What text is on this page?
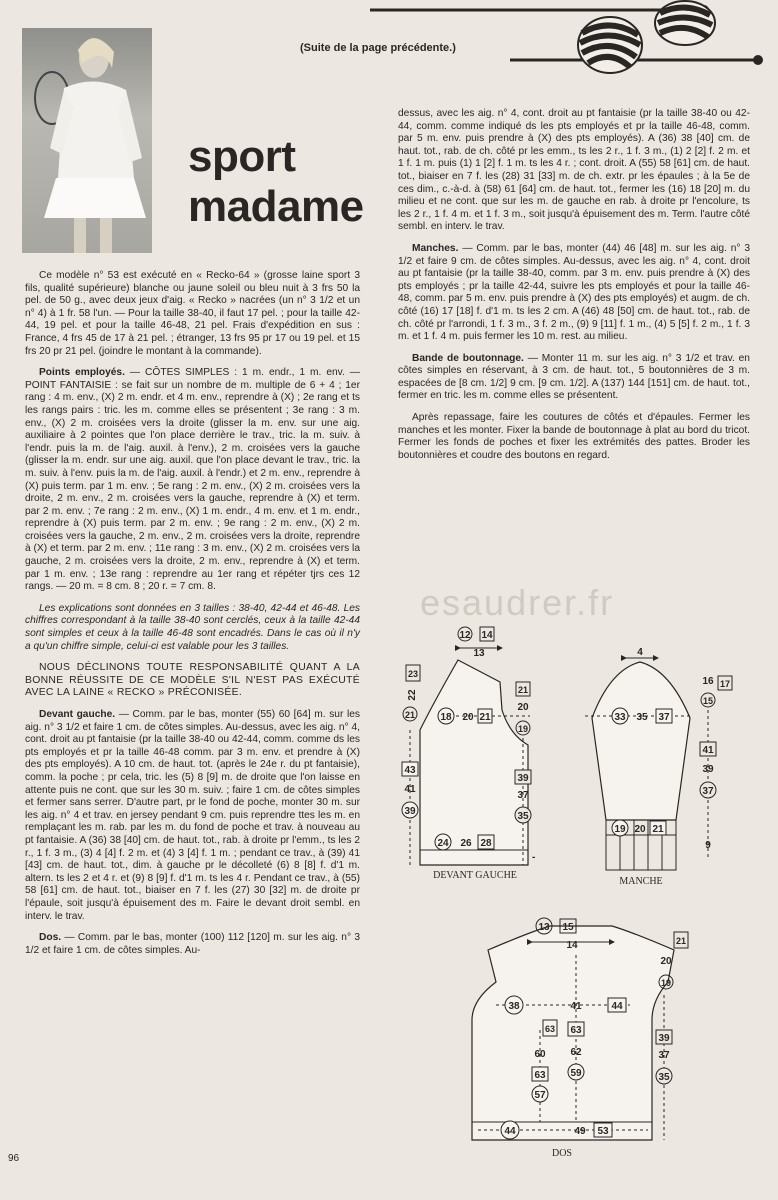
(Suite de la page précédente.)
sport
madame

Ce modèle n° 53 est exécuté en « Recko-64 » (grosse laine sport 3 fils, qualité supérieure) blanche ou jaune soleil ou bleu nuit à 3 frs 50 la pel. de 50 g., avec deux jeux d'aig. « Recko » nacrées (un n° 3 1/2 et un n° 4) à 1 fr. 58 l'un. — Pour la taille 38-40, il faut 17 pel. ; pour la taille 42-44, 19 pel. et pour la taille 46-48, 21 pel. Frais d'expédition en sus : France, 4 frs 45 de 17 à 21 pel. ; étranger, 13 frs 95 pr 17 ou 19 pel. et 15 frs 20 pr 21 pel. (joindre le montant à la commande).

Points employés. — CÔTES SIMPLES : 1 m. endr., 1 m. env. — POINT FANTAISIE : se fait sur un nombre de m. multiple de 6 + 4 ; 1er rang : 4 m. env., (X) 2 m. endr. et 4 m. env., reprendre à (X) ; 2e rang et ts les rangs pairs : tric. les m. comme elles se présentent ; 3e rang : 3 m. env., (X) 2 m. croisées vers la droite (glisser la m. env. sur une aig. auxiliaire à 2 pointes que l'on place derrière le trav., tric. la m. suiv. à l'endr. puis la m. de l'aig. auxil. à l'env.), 2 m. croisées vers la gauche (glisser la m. endr. sur une aig. auxil. que l'on place devant le trav., tric. la m. suiv. à l'env. puis la m. de l'aig. auxil. à l'endr.) et 2 m. env., reprendre à (X) puis term. par 1 m. env. ; 5e rang : 2 m. env., (X) 2 m. croisées vers la droite, 2 m. env., 2 m. croisées vers la gauche, reprendre à (X) et term. par 2 m. env. ; 7e rang : 2 m. env., (X) 1 m. endr., 4 m. env. et 1 m. endr., reprendre à (X) puis term. par 2 m. env. ; 9e rang : 2 m. env., (X) 2 m. croisées vers la gauche, 2 m. env., 2 m. croisées vers la droite, reprendre à (X) et term. par 2 m. env. ; 11e rang : 3 m. env., (X) 2 m. croisées vers la gauche, 2 m. croisées vers la droite, 2 m. env., reprendre à (X) et term. par 1 m. env. ; 13e rang : reprendre au 1er rang et répéter tjrs ces 12 rangs. — 20 m. = 8 cm. 8 ; 20 r. = 7 cm. 8.

Les explications sont données en 3 tailles : 38-40, 42-44 et 46-48. Les chiffres correspondant à la taille 38-40 sont cerclés, ceux à la taille 42-44 sont simples et ceux à la taille 46-48 sont encadrés. Dans le cas où il n'y a qu'un chiffre simple, celui-ci est valable pour les 3 tailles.

NOUS DÉCLINONS TOUTE RESPONSABILITÉ QUANT A LA BONNE RÉUSSITE DE CE MODÈLE S'IL N'EST PAS EXÉCUTÉ AVEC LA LAINE « RECKO » PRÉCONISÉE.

Devant gauche. — Comm. par le bas, monter (55) 60 [64] m. sur les aig. n° 3 1/2 et faire 1 cm. de côtes simples. Au-dessus, avec les aig. n° 4, cont. droit au pt fantaisie (pr la taille 38-40 ou 42-44, comm. comme ds les pts employés et pr la taille 46-48 comm. par 3 m. env. et prendre à (X) des pts employés). A 10 cm. de haut. tot. (après le 24e r. du pt fantaisie), comm. la poche ; pr cela, tric. les (5) 8 [9] m. de droite que l'on laisse en attente puis ne cont. que sur les 30 m. suiv. ; faire 1 cm. de côtes simples et fermer sans serrer. D'autre part, pr le fond de poche, monter 30 m. sur les aig. n° 4 et trav. en jersey pendant 9 cm. puis reprendre ttes les m. en remplaçant les m. rab. par les m. du fond de poche et trav. à nouveau au pt fantaisie. A (36) 38 [40] cm. de haut. tot., rab. à droite pr l'emm., ts les 2 r., 1 f. 3 m., (3) 4 [4] f. 2 m. et (4) 3 [4] f. 1 m. ; pendant ce trav., à (39) 41 [43] cm. de haut. tot., dim. à gauche pr le décolleté (6) 8 [8] f. d'1 m. altern. ts les 2 et 4 r. et (9) 8 [9] f. d'1 m. ts les 4 r. Pendant ce trav., à (55) 58 [61] cm. de haut. tot., biaiser en 7 f. les (27) 30 [32] m. de droite pr l'épaule, soit jusqu'à épuisement des m. Faire le devant droit sembl. en interv. le trav.

Dos. — Comm. par le bas, monter (100) 112 [120] m. sur les aig. n° 3 1/2 et faire 1 cm. de côtes simples. Au-

dessus, avec les aig. n° 4, cont. droit au pt fantaisie (pr la taille 38-40 ou 42-44, comm. comme indiqué ds les pts employés et pr la taille 46-48, comm. par 5 m. env. puis prendre à (X) des pts employés). A (36) 38 [40] cm. de haut. tot., rab. de ch. côté pr les emm., ts les 2 r., 1 f. 3 m., (1) 2 [2] f. 2 m. et 1 f. 1 m. puis (1) 1 [2] f. 1 m. ts les 4 r. ; cont. droit. A (55) 58 [61] cm. de haut. tot., biaiser en 7 f. les (28) 31 [33] m. de ch. extr. pr les épaules ; à la 5e de ces dim., c.-à-d. à (58) 61 [64] cm. de haut. tot., fermer les (16) 18 [20] m. du milieu et ne cont. que sur les m. de gauche en rab. à droite pr l'encolure, ts les 2 r., 1 f. 4 m. et 1 f. 3 m., soit jusqu'à épuisement des m. Term. l'autre côté sembl. en interv. le trav.

Manches. — Comm. par le bas, monter (44) 46 [48] m. sur les aig. n° 3 1/2 et faire 9 cm. de côtes simples. Au-dessus, avec les aig. n° 4, cont. droit au pt fantaisie (pr la taille 38-40, comm. par 3 m. env. puis prendre à (X) des pts employés ; pr la taille 42-44, suivre les pts employés et pour la taille 46-48, comm. par 5 m. env. puis prendre à (X) des pts employés) et augm. de ch. côté (16) 17 [18] f. d'1 m. ts les 2 cm. A (46) 48 [50] cm. de haut. tot., rab. de ch. côté pr l'arrondi, 1 f. 3 m., 3 f. 2 m., (9) 9 [11] f. 1 m., (4) 5 [5] f. 2 m., 1 f. 3 m. et 1 f. 4 m. puis fermer les 10 m. rest. au milieu.

Bande de boutonnage. — Monter 11 m. sur les aig. n° 3 1/2 et trav. en côtes simples en réservant, à 3 cm. de haut. tot., 5 boutonnières de 3 m. espacées de [8 cm. 1/2] 9 cm. [9 cm. 1/2]. A (137) 144 [151] cm. de haut. tot., fermer en tric. les m. comme elles se présentent.

Après repassage, faire les coutures de côtés et d'épaules. Fermer les manches et les monter. Fixer la bande de boutonnage à plat au bord du tricot. Fermer les fonds de poches et fixer les extrémités des pattes. Broder les boutonnières et coudre des boutons en regard.

esaudrer.fr
12 14
13
23
22
21	18 20 21
43
41
39
21
20
19
39
37
35
-
24 26 28
DEVANT GAUCHE
4
33 35 37
17
16
15
41
39
37
9
19 20 21
MANCHE
13 15
14
38	41	44
63
60
63
57
63
62
59
21
20
19
39
37
35
44	49 53
DOS
96
